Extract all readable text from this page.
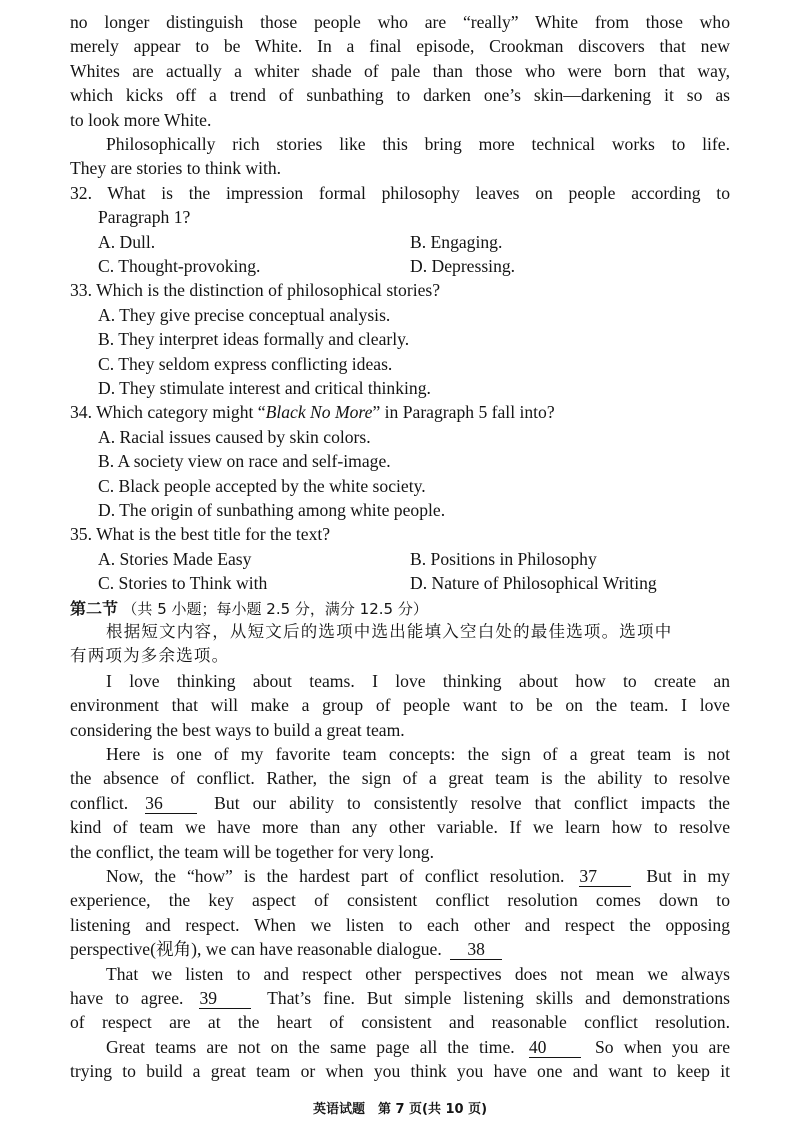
no longer distinguish those people who are “really” White from those who
merely appear to be White. In a final episode, Crookman discovers that new
Whites are actually a whiter shade of pale than those who were born that way,
which kicks off a trend of sunbathing to darken one’s skin—darkening it so as
to look more White.
Philosophically rich stories like this bring more technical works to life.
They are stories to think with.
32. What is the impression formal philosophy leaves on people according to
Paragraph 1?
A. Dull.	B. Engaging.
C. Thought-provoking.	D. Depressing.
33. Which is the distinction of philosophical stories?
A. They give precise conceptual analysis.
B. They interpret ideas formally and clearly.
C. They seldom express conflicting ideas.
D. They stimulate interest and critical thinking.
34. Which category might “Black No More” in Paragraph 5 fall into?
A. Racial issues caused by skin colors.
B. A society view on race and self-image.
C. Black people accepted by the white society.
D. The origin of sunbathing among white people.
35. What is the best title for the text?
A. Stories Made Easy	B. Positions in Philosophy
C. Stories to Think with	D. Nature of Philosophical Writing
第二节 （共 5 小题；每小题 2.5 分，满分 12.5 分）
根据短文内容，从短文后的选项中选出能填入空白处的最佳选项。选项中
有两项为多余选项。
I love thinking about teams. I love thinking about how to create an
environment that will make a group of people want to be on the team. I love
considering the best ways to build a great team.
Here is one of my favorite team concepts: the sign of a great team is not
the absence of conflict. Rather, the sign of a great team is the ability to resolve
conflict. 36	But our ability to consistently resolve that conflict impacts the
kind of team we have more than any other variable. If we learn how to resolve
the conflict, the team will be together for very long.
Now, the “how” is the hardest part of conflict resolution. 37	But in my
experience, the key aspect of consistent conflict resolution comes down to
listening and respect. When we listen to each other and respect the opposing
perspective(视角), we can have reasonable dialogue. 38
That we listen to and respect other perspectives does not mean we always
have to agree. 39	That’s fine. But simple listening skills and demonstrations
of respect are at the heart of consistent and reasonable conflict resolution.
Great teams are not on the same page all the time. 40	So when you are
trying to build a great team or when you think you have one and want to keep it
英语试题　第 7 页(共 10 页)
